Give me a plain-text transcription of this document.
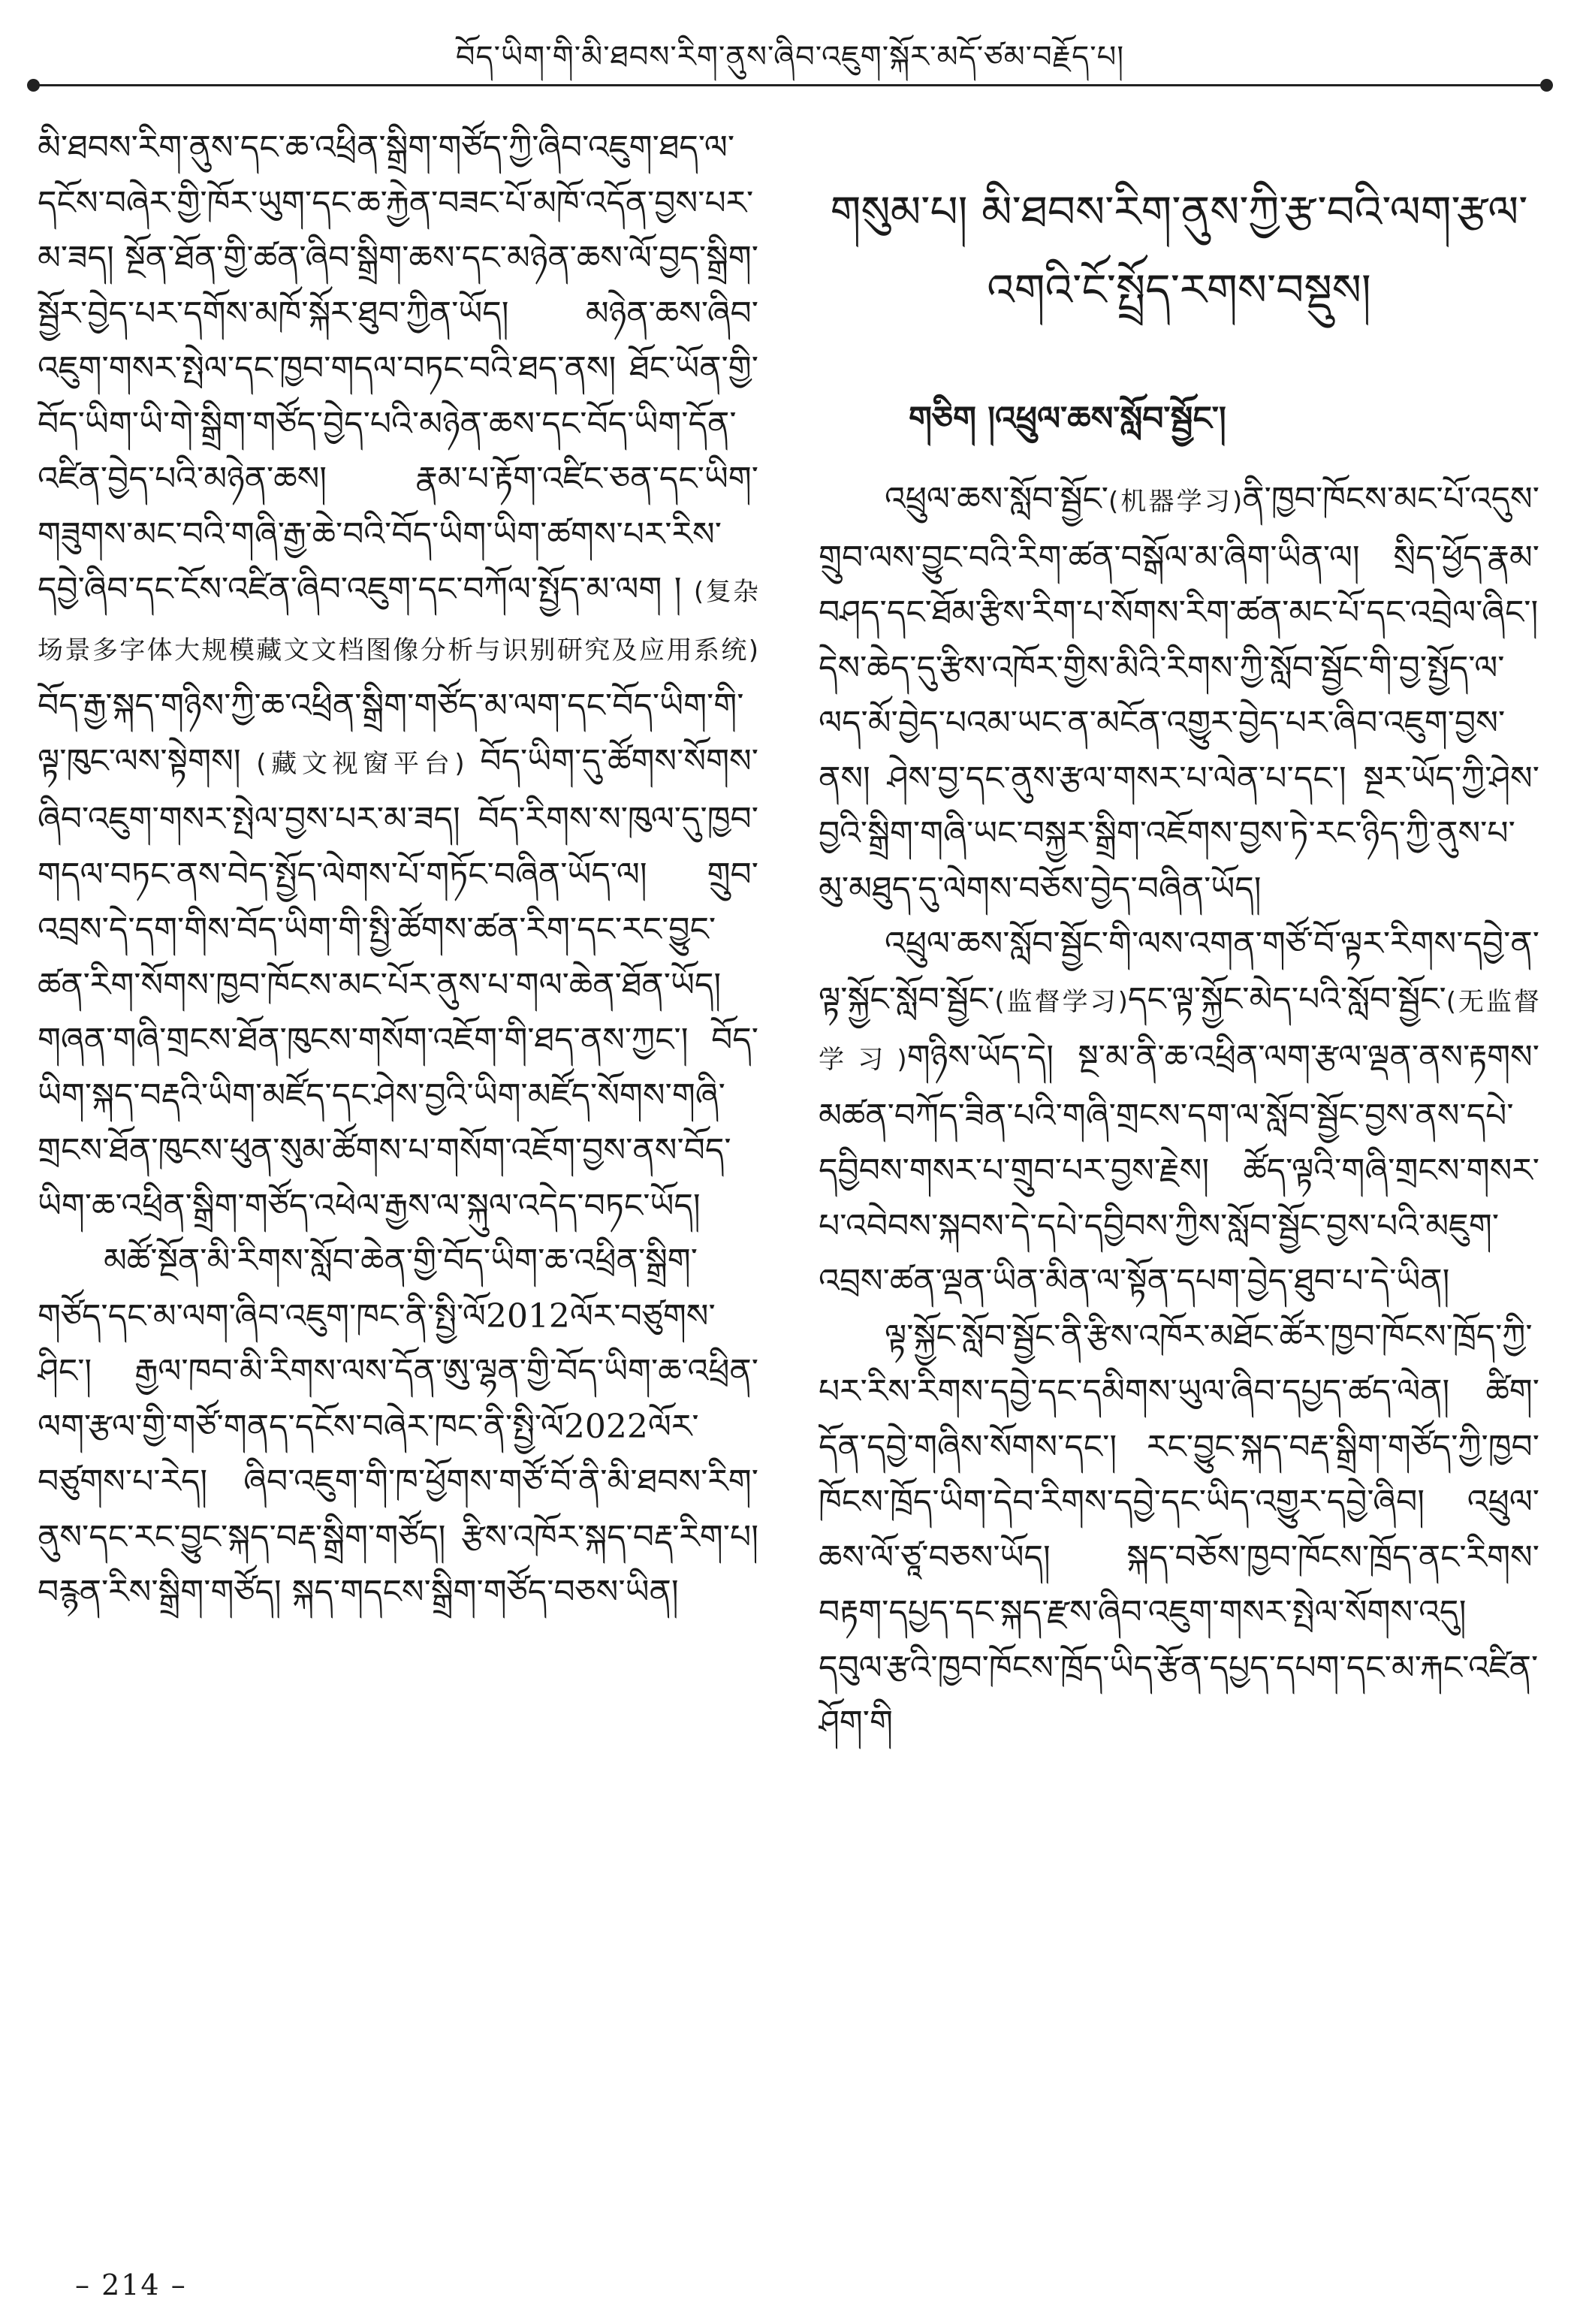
བོད་ཡིག་གི་མི་ཐབས་རིག་ནུས་ཞིབ་འཇུག་སྐོར་མདོ་ཙམ་བརྗོད་པ།

མི་ཐབས་རིག་ནུས་དང་ཆ་འཕྲིན་སྒྲིག་གཙོད་ཀྱི་ཞིབ་འཇུག་ཐད་ལ་དངོས་བཞེར་གྱི་ཁོར་ཡུག་དང་ཆ་རྐྱེན་བཟང་པོ་མཁོ་འདོན་བྱས་པར་མ་ཟད། སྔོན་ཐོན་གྱི་ཚན་ཞིབ་སྒྲིག་ཆས་དང་མཉེན་ཆས་ལོ་བྱད་སྒྲིག་སྦྱོར་བྱེད་པར་དགོས་མཁོ་སྐོར་ཐུབ་ཀྱིན་ཡོད། མཉེན་ཆས་ཞིབ་འཇུག་གསར་སྤེལ་དང་ཁྱབ་གདལ་བཏང་བའི་ཐད་ནས། ཐོང་ཡོན་གྱི་བོད་ཡིག་ཡི་གེ་སྒྲིག་གཙོད་བྱེད་པའི་མཉེན་ཆས་དང་བོད་ཡིག་དོན་འཛིན་བྱེད་པའི་མཉེན་ཆས། རྣམ་པ་རྟོག་འཛིང་ཅན་དང་ཡིག་གཟུགས་མང་བའི་གཞི་རྒྱ་ཆེ་བའི་བོད་ཡིག་ཡིག་ཚགས་པར་རིས་དབྱེ་ཞིབ་དང་ངོས་འཛིན་ཞིབ་འཇུག་དང་བཀོལ་སྤྱོད་མ་ལག ། (复杂场景多字体大规模藏文文档图像分析与识别研究及应用系统) བོད་རྒྱ་སྐད་གཉིས་ཀྱི་ཆ་འཕྲིན་སྒྲིག་གཙོད་མ་ལག་དང་བོད་ཡིག་གི་ལྟ་ཁུང་ལས་སྟེགས། (藏文视窗平台) བོད་ཡིག་དུ་ཚོགས་སོགས་ཞིབ་འཇུག་གསར་སྤེལ་བྱས་པར་མ་ཟད། བོད་རིགས་ས་ཁུལ་དུ་ཁྱབ་གདལ་བཏང་ནས་བེད་སྤྱོད་ལེགས་པོ་གཏོང་བཞིན་ཡོད་ལ། གྲུབ་འབྲས་དེ་དག་གིས་བོད་ཡིག་གི་སྤྱི་ཚོགས་ཚན་རིག་དང་རང་བྱུང་ཚན་རིག་སོགས་ཁྱབ་ཁོངས་མང་པོར་ནུས་པ་གལ་ཆེན་ཐོན་ཡོད། གཞན་གཞི་གྲངས་ཐོན་ཁུངས་གསོག་འཇོག་གི་ཐད་ནས་ཀྱང་། བོད་ཡིག་སྐད་བརྡའི་ཡིག་མཛོད་དང་ཤེས་བྱའི་ཡིག་མཛོད་སོགས་གཞི་གྲངས་ཐོན་ཁུངས་ཕུན་སུམ་ཚོགས་པ་གསོག་འཇོག་བྱས་ནས་བོད་ཡིག་ཆ་འཕྲིན་སྒྲིག་གཙོད་འཕེལ་རྒྱས་ལ་སྐུལ་འདེད་བཏང་ཡོད།

མཚོ་སྔོན་མི་རིགས་སློབ་ཆེན་གྱི་བོད་ཡིག་ཆ་འཕྲིན་སྒྲིག་གཙོད་དང་མ་ལག་ཞིབ་འཇུག་ཁང་ནི་སྤྱི་ལོ2012ལོར་བཙུགས་ཤིང་། རྒྱལ་ཁབ་མི་རིགས་ལས་དོན་ཨུ་ལྷན་གྱི་བོད་ཡིག་ཆ་འཕྲིན་ལག་རྩལ་གྱི་གཙོ་གནད་དངོས་བཞེར་ཁང་ནི་སྤྱི་ལོ2022ལོར་བཙུགས་པ་རེད། ཞིབ་འཇུག་གི་ཁ་ཕྱོགས་གཙོ་བོ་ནི་མི་ཐབས་རིག་ནུས་དང་རང་བྱུང་སྐད་བརྡ་སྒྲིག་གཙོད། རྩིས་འཁོར་སྐད་བརྡ་རིག་པ། བརྙན་རིས་སྒྲིག་གཙོད། སྐད་གདངས་སྒྲིག་གཙོད་བཅས་ཡིན།

གསུམ་པ། མི་ཐབས་རིག་ནུས་ཀྱི་རྩ་བའི་ལག་རྩལ་འགའི་ངོ་སྤྲོད་རགས་བསྡུས།
གཅིག །འཕྲུལ་ཆས་སློབ་སྦྱོང་།

འཕྲུལ་ཆས་སློབ་སྦྱོང་(机器学习)ནི་ཁྱབ་ཁོངས་མང་པོ་འདུས་གྲུབ་ལས་བྱུང་བའི་རིག་ཚན་བསྒོལ་མ་ཞིག་ཡིན་ལ། སྲིད་ཕྱོད་རྣམ་བཤད་དང་ཐོམ་རྩིས་རིག་པ་སོགས་རིག་ཚན་མང་པོ་དང་འབྲེལ་ཞིང་། དེས་ཆེད་དུ་རྩིས་འཁོར་གྱིས་མིའི་རིགས་ཀྱི་སློབ་སྦྱོང་གི་བྱ་སྤྱོད་ལ་ལད་མོ་བྱེད་པའམ་ཡང་ན་མངོན་འགྱུར་བྱེད་པར་ཞིབ་འཇུག་བྱས་ནས། ཤེས་བྱ་དང་ནུས་རྩལ་གསར་པ་ལེན་པ་དང་། སྔར་ཡོད་ཀྱི་ཤེས་བྱའི་སྒྲིག་གཞི་ཡང་བསྐྱར་སྒྲིག་འཇོགས་བྱས་ཏེ་རང་ཉིད་ཀྱི་ནུས་པ་མུ་མཐུད་དུ་ལེགས་བཅོས་བྱེད་བཞིན་ཡོད།

འཕྲུལ་ཆས་སློབ་སྦྱོང་གི་ལས་འགན་གཙོ་བོ་ལྟར་རིགས་དབྱེ་ན་ལྟ་སྐྱོང་སློབ་སྦྱོང་(监督学习)དང་ལྟ་སྐྱོང་མེད་པའི་སློབ་སྦྱོང་(无监督学习)གཉིས་ཡོད་དེ། སྔ་མ་ནི་ཆ་འཕྲིན་ལག་རྩལ་ལྡན་ནས་རྟགས་མཚན་བཀོད་ཟིན་པའི་གཞི་གྲངས་དག་ལ་སློབ་སྦྱོང་བྱས་ནས་དཔེ་དབྱིབས་གསར་པ་གྲུབ་པར་བྱས་རྗེས། ཚོད་ལྟའི་གཞི་གྲངས་གསར་པ་འབེབས་སྐབས་དེ་དཔེ་དབྱིབས་ཀྱིས་སློབ་སྦྱོང་བྱས་པའི་མཇུག་འབྲས་ཚན་ལྡན་ཡིན་མིན་ལ་སྟོན་དཔག་བྱེད་ཐུབ་པ་དེ་ཡིན།

ལྟ་སྐྱོང་སློབ་སྦྱོང་ནི་རྩིས་འཁོར་མཐོང་ཚོར་ཁྱབ་ཁོངས་ཁྲོད་ཀྱི་པར་རིས་རིགས་དབྱེ་དང་དམིགས་ཡུལ་ཞིབ་དཔྱད་ཚད་ལེན། ཚིག་དོན་དབྱེ་གཞིས་སོགས་དང་། རང་བྱུང་སྐད་བརྡ་སྒྲིག་གཙོད་ཀྱི་ཁྱབ་ཁོངས་ཁྲོད་ཡིག་དེབ་རིགས་དབྱེ་དང་ཡིད་འགྱུར་དབྱེ་ཞིབ། འཕྲུལ་ཆས་ལོ་ཙཱ་བཅས་ཡོད། སྐད་བཅོས་ཁྱབ་ཁོངས་ཁྲོད་ནང་རིགས་བརྟག་དཔྱད་དང་སྐད་རྫས་ཞིབ་འཇུག་གསར་སྤེལ་སོགས་འདུ། དབུལ་རྩའི་ཁྱབ་ཁོངས་ཁྲོད་ཡིད་རྩོན་དཔྱད་དཔག་དང་མ་རྐང་འཛིན་ཤོག་གི

– 214 –
